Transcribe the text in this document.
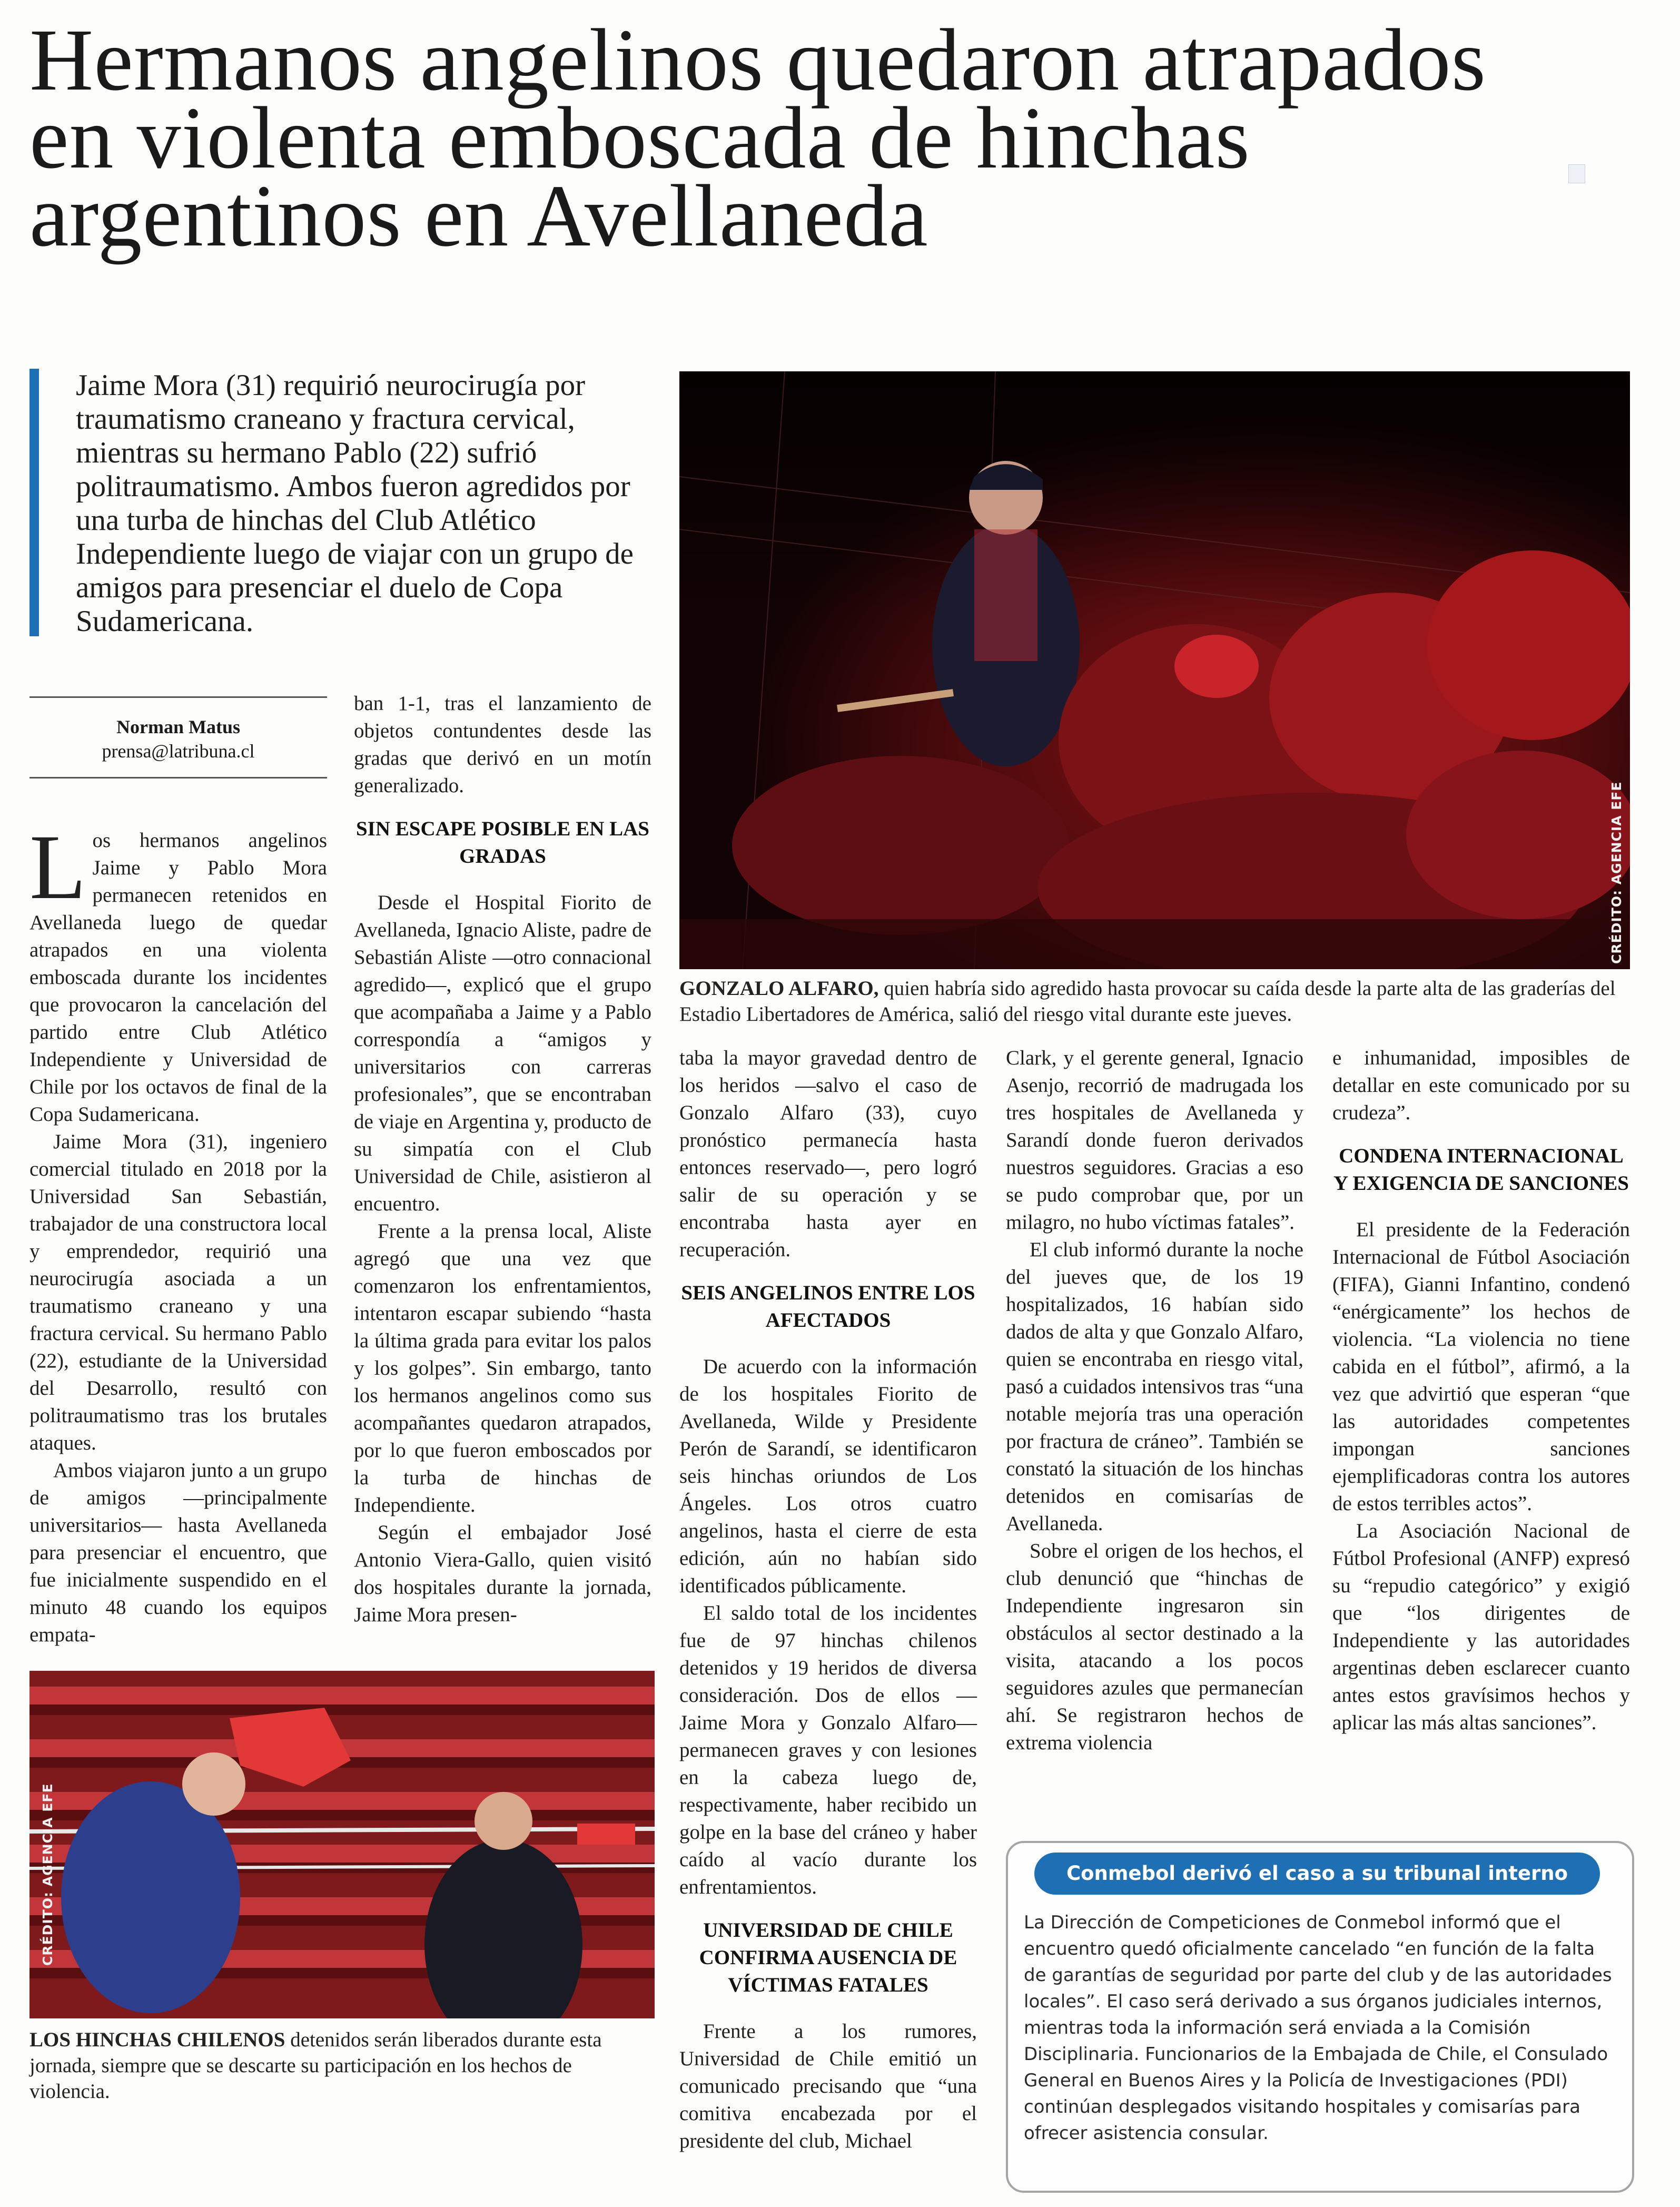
Hermanos angelinos quedaron atrapados en violenta emboscada de hinchas argentinos en Avellaneda

Jaime Mora (31) requirió neurocirugía por traumatismo craneano y fractura cervical, mientras su hermano Pablo (22) sufrió politraumatismo. Ambos fueron agredidos por una turba de hinchas del Club Atlético Independiente luego de viajar con un grupo de amigos para presenciar el duelo de Copa Sudamericana.

CRÉDITO: AGENCIA EFE
GONZALO ALFARO, quien habría sido agredido hasta provocar su caída desde la parte alta de las graderías del Estadio Libertadores de América, salió del riesgo vital durante este jueves.
Norman Matus
prensa@latribuna.cl

Los hermanos angelinos Jaime y Pablo Mora permanecen retenidos en Avellaneda luego de quedar atrapados en una violenta emboscada durante los incidentes que provocaron la cancelación del partido entre Club Atlético Independiente y Universidad de Chile por los octavos de final de la Copa Sudamericana.

Jaime Mora (31), ingeniero comercial titulado en 2018 por la Universidad San Sebastián, trabajador de una constructora local y emprendedor, requirió una neurocirugía asociada a un traumatismo craneano y una fractura cervical. Su hermano Pablo (22), estudiante de la Universidad del Desarrollo, resultó con politraumatismo tras los brutales ataques.

Ambos viajaron junto a un grupo de amigos —principalmente universitarios— hasta Avellaneda para presenciar el encuentro, que fue inicialmente suspendido en el minuto 48 cuando los equipos empata-

ban 1-1, tras el lanzamiento de objetos contundentes desde las gradas que derivó en un motín generalizado.

SIN ESCAPE POSIBLE EN LAS GRADAS

Desde el Hospital Fiorito de Avellaneda, Ignacio Aliste, padre de Sebastián Aliste —otro connacional agredido—, explicó que el grupo que acompañaba a Jaime y a Pablo correspondía a “amigos y universitarios con carreras profesionales”, que se encontraban de viaje en Argentina y, producto de su simpatía con el Club Universidad de Chile, asistieron al encuentro.

Frente a la prensa local, Aliste agregó que una vez que comenzaron los enfrentamientos, intentaron escapar subiendo “hasta la última grada para evitar los palos y los golpes”. Sin embargo, tanto los hermanos angelinos como sus acompañantes quedaron atrapados, por lo que fueron emboscados por la turba de hinchas de Independiente.

Según el embajador José Antonio Viera-Gallo, quien visitó dos hospitales durante la jornada, Jaime Mora presen-

CRÉDITO: AGENCIA EFE
LOS HINCHAS CHILENOS detenidos serán liberados durante esta jornada, siempre que se descarte su participación en los hechos de violencia.

taba la mayor gravedad dentro de los heridos —salvo el caso de Gonzalo Alfaro (33), cuyo pronóstico permanecía hasta entonces reservado—, pero logró salir de su operación y se encontraba hasta ayer en recuperación.

SEIS ANGELINOS ENTRE LOS AFECTADOS

De acuerdo con la información de los hospitales Fiorito de Avellaneda, Wilde y Presidente Perón de Sarandí, se identificaron seis hinchas oriundos de Los Ángeles. Los otros cuatro angelinos, hasta el cierre de esta edición, aún no habían sido identificados públicamente.

El saldo total de los incidentes fue de 97 hinchas chilenos detenidos y 19 heridos de diversa consideración. Dos de ellos —Jaime Mora y Gonzalo Alfaro— permanecen graves y con lesiones en la cabeza luego de, respectivamente, haber recibido un golpe en la base del cráneo y haber caído al vacío durante los enfrentamientos.

UNIVERSIDAD DE CHILE CONFIRMA AUSENCIA DE VÍCTIMAS FATALES

Frente a los rumores, Universidad de Chile emitió un comunicado precisando que “una comitiva encabezada por el presidente del club, Michael

Clark, y el gerente general, Ignacio Asenjo, recorrió de madrugada los tres hospitales de Avellaneda y Sarandí donde fueron derivados nuestros seguidores. Gracias a eso se pudo comprobar que, por un milagro, no hubo víctimas fatales”.

El club informó durante la noche del jueves que, de los 19 hospitalizados, 16 habían sido dados de alta y que Gonzalo Alfaro, quien se encontraba en riesgo vital, pasó a cuidados intensivos tras “una notable mejoría tras una operación por fractura de cráneo”. También se constató la situación de los hinchas detenidos en comisarías de Avellaneda.

Sobre el origen de los hechos, el club denunció que “hinchas de Independiente ingresaron sin obstáculos al sector destinado a la visita, atacando a los pocos seguidores azules que permanecían ahí. Se registraron hechos de extrema violencia

e inhumanidad, imposibles de detallar en este comunicado por su crudeza”.

CONDENA INTERNACIONAL Y EXIGENCIA DE SANCIONES

El presidente de la Federación Internacional de Fútbol Asociación (FIFA), Gianni Infantino, condenó “enérgicamente” los hechos de violencia. “La violencia no tiene cabida en el fútbol”, afirmó, a la vez que advirtió que esperan “que las autoridades competentes impongan sanciones ejemplificadoras contra los autores de estos terribles actos”.

La Asociación Nacional de Fútbol Profesional (ANFP) expresó su “repudio categórico” y exigió que “los dirigentes de Independiente y las autoridades argentinas deben esclarecer cuanto antes estos gravísimos hechos y aplicar las más altas sanciones”.

Conmebol derivó el caso a su tribunal interno
La Dirección de Competiciones de Conmebol informó que el encuentro quedó oficialmente cancelado “en función de la falta de garantías de seguridad por parte del club y de las autoridades locales”. El caso será derivado a sus órganos judiciales internos, mientras toda la información será enviada a la Comisión Disciplinaria. Funcionarios de la Embajada de Chile, el Consulado General en Buenos Aires y la Policía de Investigaciones (PDI) continúan desplegados visitando hospitales y comisarías para ofrecer asistencia consular.
